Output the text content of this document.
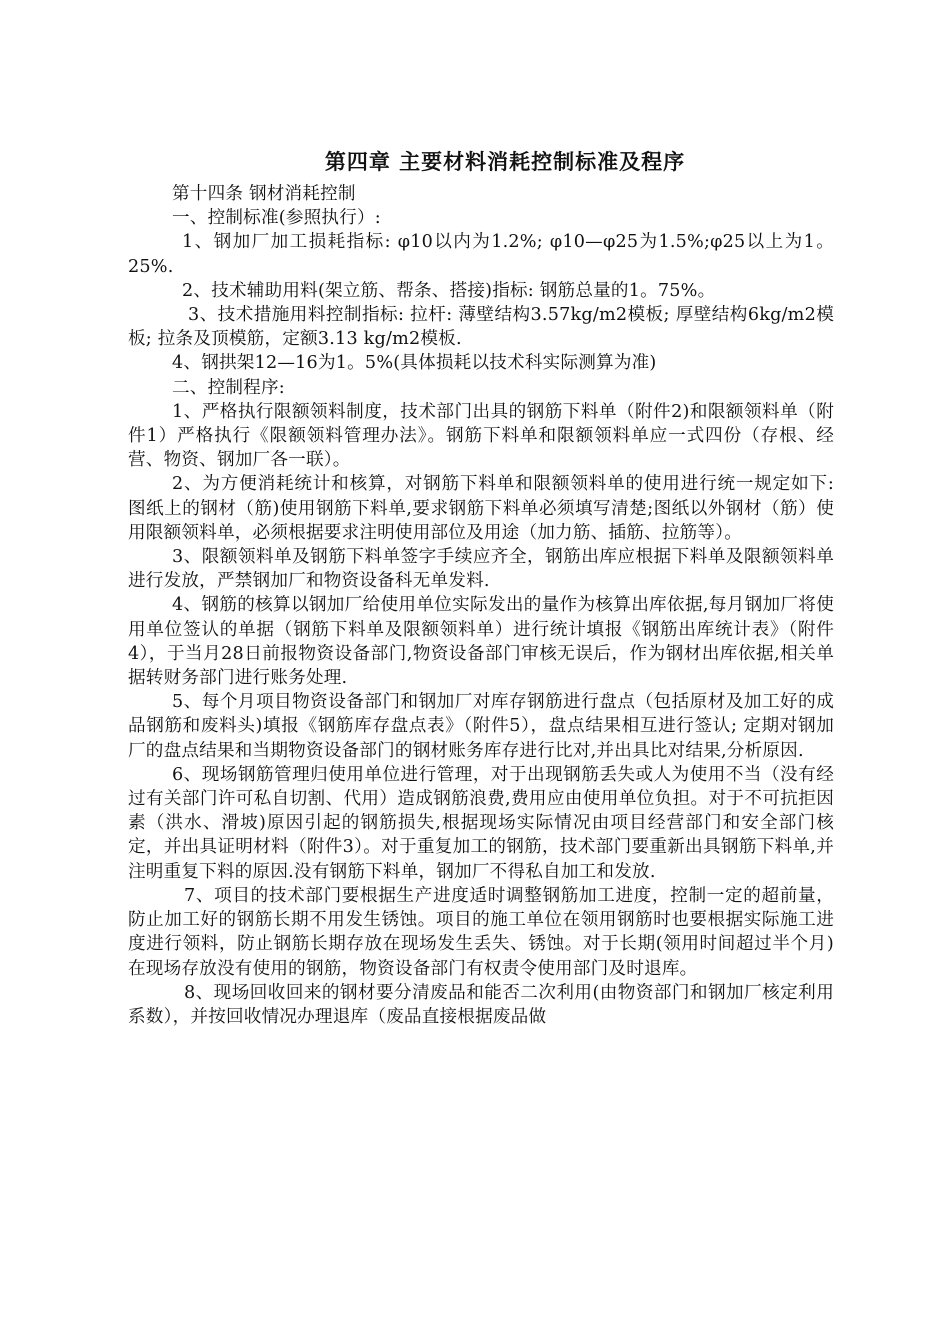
第四章 主要材料消耗控制标准及程序

第十四条 钢材消耗控制

一、控制标准(参照执行）:

1、钢加厂加工损耗指标: φ10以内为1.2%; φ10—φ25为1.5%;φ25以上为1。25%.

2、技术辅助用料(架立筋、帮条、搭接)指标: 钢筋总量的1。75%。

3、技术措施用料控制指标: 拉杆: 薄壁结构3.57kg/m2模板; 厚壁结构6kg/m2模板; 拉条及顶模筋，定额3.13 kg/m2模板.

4、钢拱架12—16为1。5%(具体损耗以技术科实际测算为准)

二、控制程序:

1、严格执行限额领料制度，技术部门出具的钢筋下料单（附件2)和限额领料单（附件1）严格执行《限额领料管理办法》。钢筋下料单和限额领料单应一式四份（存根、经营、物资、钢加厂各一联）。

2、为方便消耗统计和核算，对钢筋下料单和限额领料单的使用进行统一规定如下: 图纸上的钢材（筋)使用钢筋下料单,要求钢筋下料单必须填写清楚;图纸以外钢材（筋）使用限额领料单，必须根据要求注明使用部位及用途（加力筋、插筋、拉筋等）。

3、限额领料单及钢筋下料单签字手续应齐全，钢筋出库应根据下料单及限额领料单进行发放，严禁钢加厂和物资设备科无单发料.

4、钢筋的核算以钢加厂给使用单位实际发出的量作为核算出库依据,每月钢加厂将使用单位签认的单据（钢筋下料单及限额领料单）进行统计填报《钢筋出库统计表》（附件4），于当月28日前报物资设备部门,物资设备部门审核无误后，作为钢材出库依据,相关单据转财务部门进行账务处理.

5、每个月项目物资设备部门和钢加厂对库存钢筋进行盘点（包括原材及加工好的成品钢筋和废料头)填报《钢筋库存盘点表》（附件5），盘点结果相互进行签认; 定期对钢加厂的盘点结果和当期物资设备部门的钢材账务库存进行比对,并出具比对结果,分析原因.

6、现场钢筋管理归使用单位进行管理，对于出现钢筋丢失或人为使用不当（没有经过有关部门许可私自切割、代用）造成钢筋浪费,费用应由使用单位负担。对于不可抗拒因素（洪水、滑坡)原因引起的钢筋损失,根据现场实际情况由项目经营部门和安全部门核定，并出具证明材料（附件3）。对于重复加工的钢筋，技术部门要重新出具钢筋下料单,并注明重复下料的原因.没有钢筋下料单，钢加厂不得私自加工和发放.

7、项目的技术部门要根据生产进度适时调整钢筋加工进度，控制一定的超前量，防止加工好的钢筋长期不用发生锈蚀。项目的施工单位在领用钢筋时也要根据实际施工进度进行领料，防止钢筋长期存放在现场发生丢失、锈蚀。对于长期(领用时间超过半个月)在现场存放没有使用的钢筋，物资设备部门有权责令使用部门及时退库。

8、现场回收回来的钢材要分清废品和能否二次利用(由物资部门和钢加厂核定利用系数），并按回收情况办理退库（废品直接根据废品做
